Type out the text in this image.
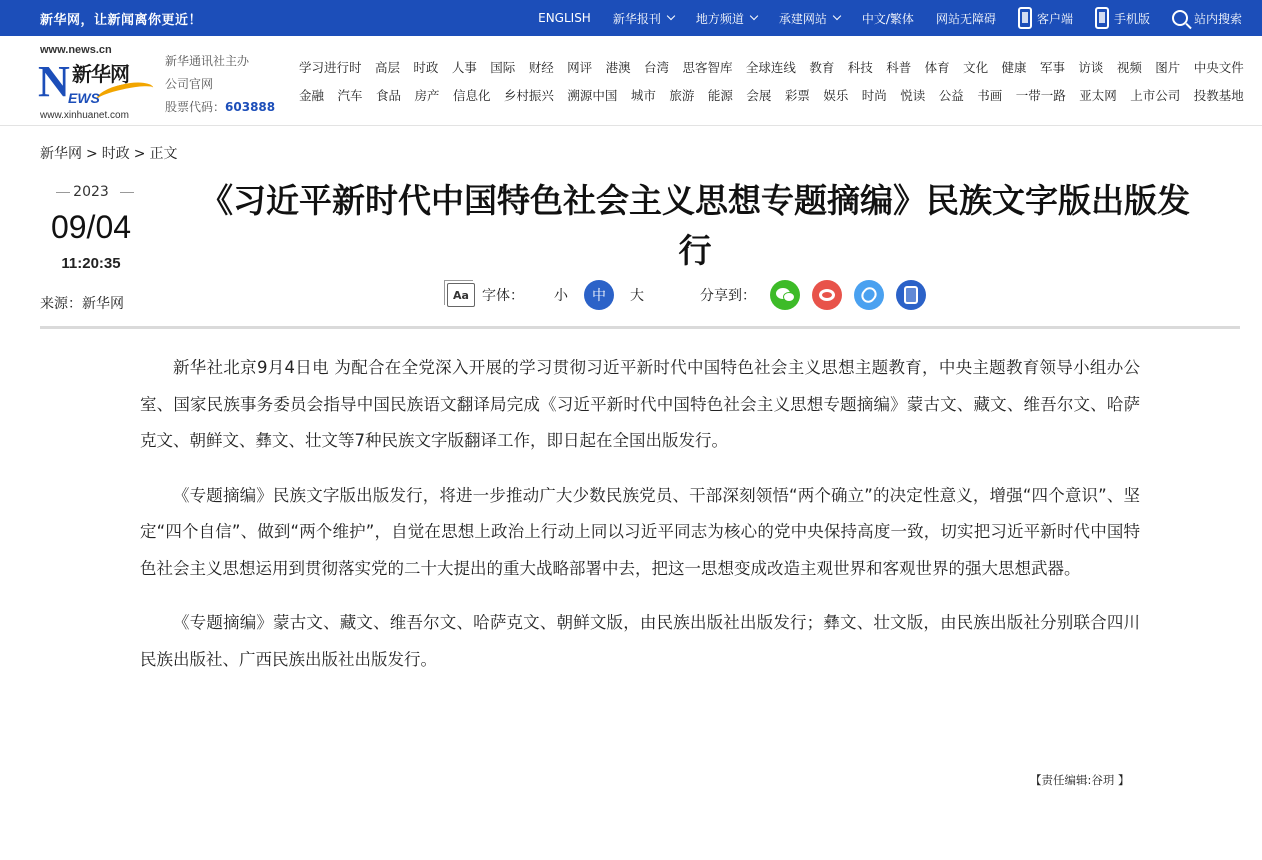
新华网，让新闻离你更近！	ENGLISH 新华报刊	地方频道	承建网站	中文/繁体 网站无障碍	客户端	手机版	站内搜索
www.news.cn
N 新华网
EWS
www.xinhuanet.com
新华通讯社主办
公司官网
股票代码：603888
学习进行时 高层 时政 人事 国际 财经 网评 港澳 台湾 思客智库 全球连线 教育 科技 科普 体育 文化 健康 军事 访谈 视频 图片 中央文件
金融 汽车 食品 房产 信息化 乡村振兴 溯源中国 城市 旅游 能源 会展 彩票 娱乐 时尚 悦读 公益 书画 一带一路 亚太网 上市公司 投教基地
新华网 > 时政 > 正文
2023
09/04
11:20:35
来源：新华网
《习近平新时代中国特色社会主义思想专题摘编》民族文字版出版发行
Aa 字体：	小	中	大	分享到：

新华社北京9月4日电 为配合在全党深入开展的学习贯彻习近平新时代中国特色社会主义思想主题教育，中央主题教育领导小组办公室、国家民族事务委员会指导中国民族语文翻译局完成《习近平新时代中国特色社会主义思想专题摘编》蒙古文、藏文、维吾尔文、哈萨克文、朝鲜文、彝文、壮文等7种民族文字版翻译工作，即日起在全国出版发行。

《专题摘编》民族文字版出版发行，将进一步推动广大少数民族党员、干部深刻领悟“两个确立”的决定性意义，增强“四个意识”、坚定“四个自信”、做到“两个维护”，自觉在思想上政治上行动上同以习近平同志为核心的党中央保持高度一致，切实把习近平新时代中国特色社会主义思想运用到贯彻落实党的二十大提出的重大战略部署中去，把这一思想变成改造主观世界和客观世界的强大思想武器。

《专题摘编》蒙古文、藏文、维吾尔文、哈萨克文、朝鲜文版，由民族出版社出版发行；彝文、壮文版，由民族出版社分别联合四川民族出版社、广西民族出版社出版发行。

【责任编辑:谷玥 】
